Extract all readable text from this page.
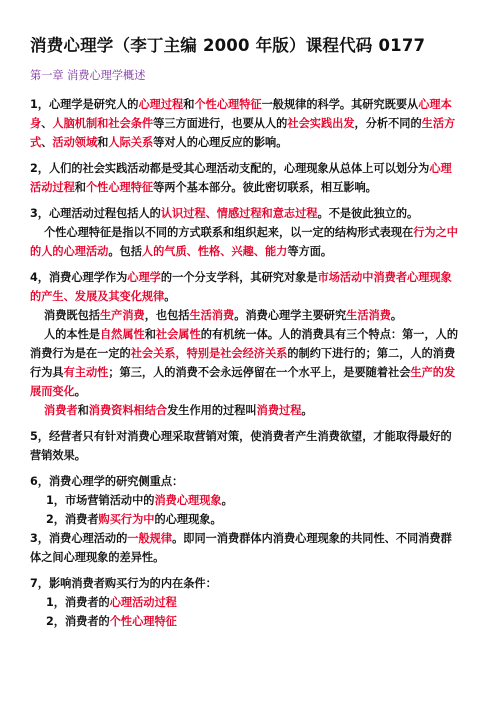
消费心理学（李丁主编 2000 年版）课程代码 0177
第一章 消费心理学概述

1，心理学是研究人的心理过程和个性心理特征一般规律的科学。其研究既要从心理本身、人脑机制和社会条件等三方面进行，也要从人的社会实践出发，分析不同的生活方式、活动领域和人际关系等对人的心理反应的影响。

2，人们的社会实践活动都是受其心理活动支配的，心理现象从总体上可以划分为心理活动过程和个性心理特征等两个基本部分。彼此密切联系，相互影响。

3，心理活动过程包括人的认识过程、情感过程和意志过程。不是彼此独立的。

个性心理特征是指以不同的方式联系和组织起来，以一定的结构形式表现在行为之中的人的心理活动。包括人的气质、性格、兴趣、能力等方面。

4，消费心理学作为心理学的一个分支学科，其研究对象是市场活动中消费者心理现象的产生、发展及其变化规律。

消费既包括生产消费，也包括生活消费。消费心理学主要研究生活消费。

人的本性是自然属性和社会属性的有机统一体。人的消费具有三个特点：第一，人的消费行为是在一定的社会关系，特别是社会经济关系的制约下进行的；第二，人的消费行为具有主动性；第三，人的消费不会永远停留在一个水平上，是要随着社会生产的发展而变化。

消费者和消费资料相结合发生作用的过程叫消费过程。

5，经营者只有针对消费心理采取营销对策，使消费者产生消费欲望，才能取得最好的营销效果。

6，消费心理学的研究侧重点：

1，市场营销活动中的消费心理现象。

2，消费者购买行为中的心理现象。

3，消费心理活动的一般规律。即同一消费群体内消费心理现象的共同性、不同消费群体之间心理现象的差异性。

7，影响消费者购买行为的内在条件：

1，消费者的心理活动过程

2，消费者的个性心理特征
